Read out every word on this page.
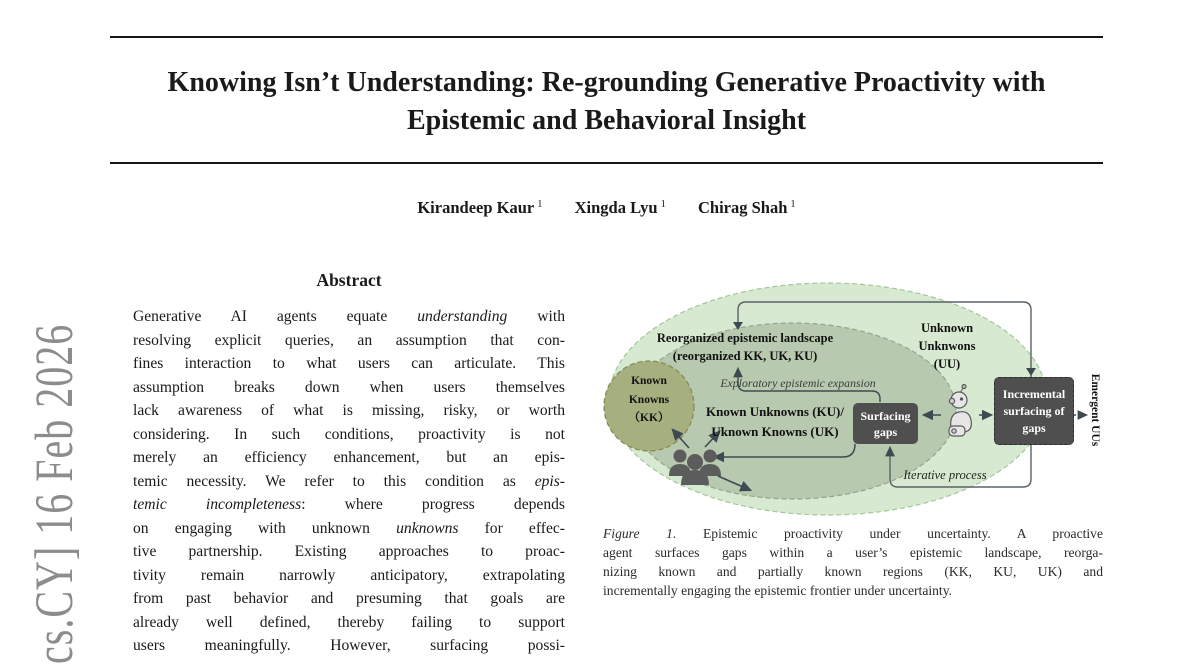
cs.CY] 16 Feb 2026
Knowing Isn’t Understanding: Re-grounding Generative Proactivity with
Epistemic and Behavioral Insight
Kirandeep Kaur $^1$ Xingda Lyu $^1$ Chirag Shah $^1$
Abstract
Generative AI agents equate understanding with
resolving explicit queries, an assumption that con-
fines interaction to what users can articulate. This
assumption breaks down when users themselves
lack awareness of what is missing, risky, or worth
considering. In such conditions, proactivity is not
merely an efficiency enhancement, but an epis-
temic necessity. We refer to this condition as epis-
temic incompleteness: where progress depends
on engaging with unknown unknowns for effec-
tive partnership. Existing approaches to proac-
tivity remain narrowly anticipatory, extrapolating
from past behavior and presuming that goals are
already well defined, thereby failing to support
users meaningfully. However, surfacing possi-
Reorganized epistemic landscape
(reorganized KK, UK, KU)
Known
Knowns
（KK）	Known Unknowns (KU)/
Uknown Knowns (UK)
Unknown
Unknwons
(UU)
Exploratory epistemic expansion
Iterative process
Surfacing
gaps
Incremental
surfacing of
gaps	Emergent UUs
Figure 1. Epistemic proactivity under uncertainty. A proactive
agent surfaces gaps within a user’s epistemic landscape, reorga-
nizing known and partially known regions (KK, KU, UK) and
incrementally engaging the epistemic frontier under uncertainty.
